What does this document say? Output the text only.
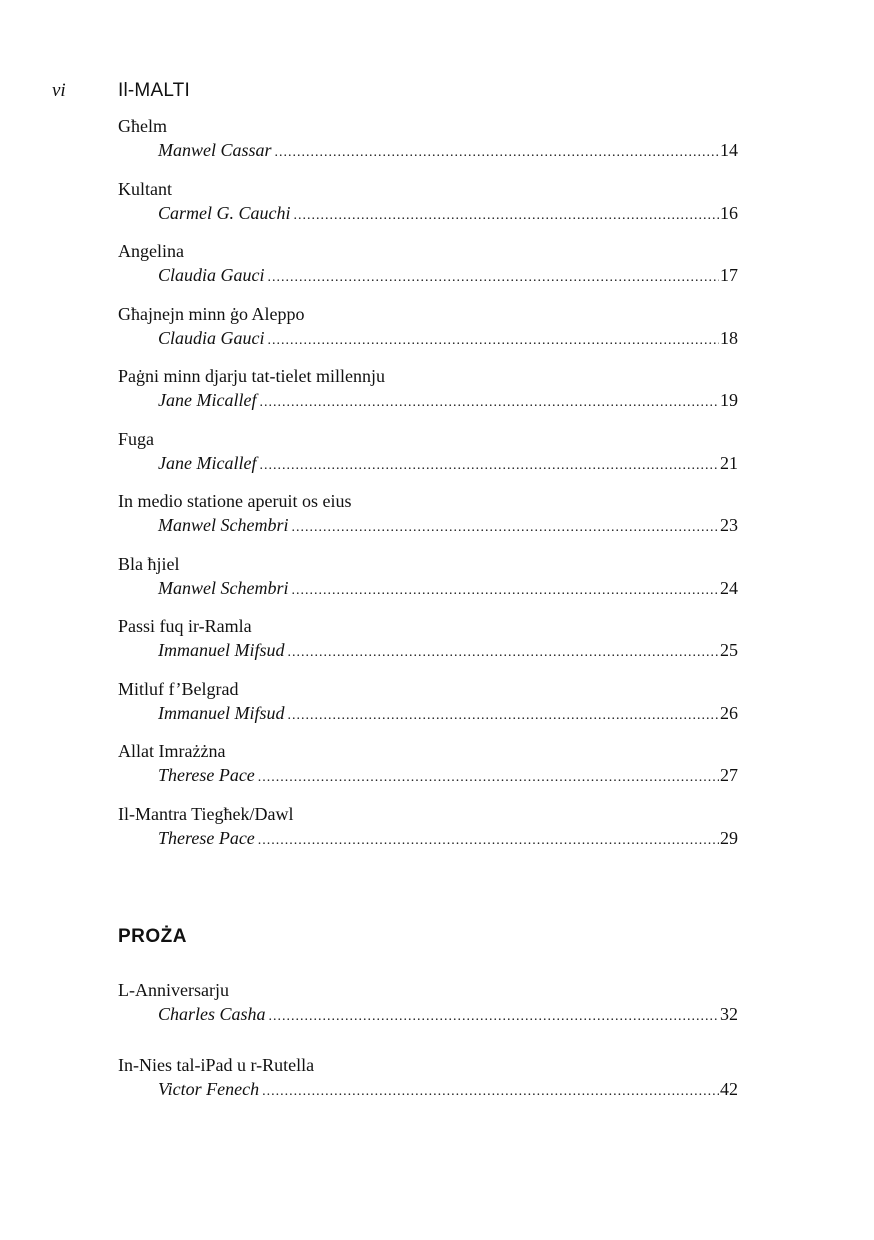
vi	Il-MALTI
Għelm
Manwel Cassar .....	14
Kultant
Carmel G. Cauchi .....	16
Angelina
Claudia Gauci .....	17
Għajnejn minn ġo Aleppo
Claudia Gauci .....	18
Paġni minn djarju tat-tielet millennju
Jane Micallef .....	19
Fuga
Jane Micallef .....	21
In medio statione aperuit os eius
Manwel Schembri .....	23
Bla ħjiel
Manwel Schembri .....	24
Passi fuq ir-Ramla
Immanuel Mifsud .....	25
Mitluf f’Belgrad
Immanuel Mifsud .....	26
Allat Imrażżna
Therese Pace .....	27
Il-Mantra Tiegħek/Dawl
Therese Pace .....	29
PROŻA
L-Anniversarju
Charles Casha .....	32
In-Nies tal-iPad u r-Rutella
Victor Fenech .....	42
